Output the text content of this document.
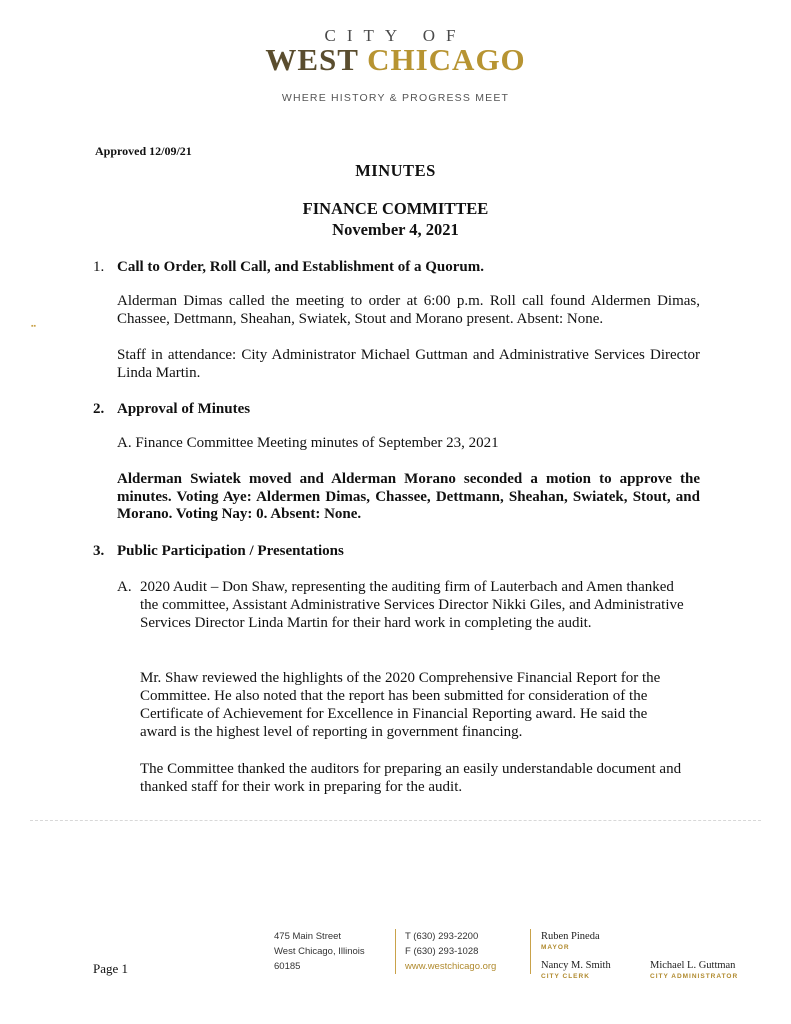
CITY OF
WEST CHICAGO
WHERE HISTORY & PROGRESS MEET
▪▪
Approved 12/09/21
MINUTES
FINANCE COMMITTEE
November 4, 2021
1. Call to Order, Roll Call, and Establishment of a Quorum.
Alderman Dimas called the meeting to order at 6:00 p.m. Roll call found Aldermen Dimas, Chassee, Dettmann, Sheahan, Swiatek, Stout and Morano present. Absent: None.
Staff in attendance: City Administrator Michael Guttman and Administrative Services Director Linda Martin.
2. Approval of Minutes
A. Finance Committee Meeting minutes of September 23, 2021
Alderman Swiatek moved and Alderman Morano seconded a motion to approve the minutes. Voting Aye: Aldermen Dimas, Chassee, Dettmann, Sheahan, Swiatek, Stout, and Morano. Voting Nay: 0. Absent: None.
3. Public Participation / Presentations
A. 2020 Audit – Don Shaw, representing the auditing firm of Lauterbach and Amen thanked the committee, Assistant Administrative Services Director Nikki Giles, and Administrative Services Director Linda Martin for their hard work in completing the audit.
Mr. Shaw reviewed the highlights of the 2020 Comprehensive Financial Report for the Committee. He also noted that the report has been submitted for consideration of the Certificate of Achievement for Excellence in Financial Reporting award. He said the award is the highest level of reporting in government financing.
The Committee thanked the auditors for preparing an easily understandable document and thanked staff for their work in preparing for the audit.
Page 1
475 Main Street
West Chicago, Illinois
60185
T (630) 293-2200
F (630) 293-1028
www.westchicago.org
Ruben Pineda
MAYOR
Nancy M. Smith
CITY CLERK
Michael L. Guttman
CITY ADMINISTRATOR
